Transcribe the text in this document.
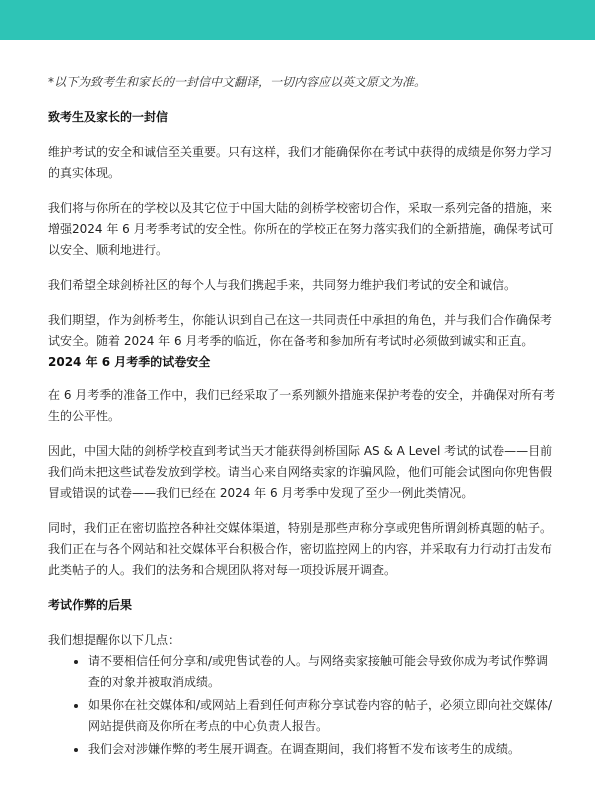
*以下为致考生和家长的一封信中文翻译，一切内容应以英文原文为准。

致考生及家长的一封信

维护考试的安全和诚信至关重要。只有这样，我们才能确保你在考试中获得的成绩是你努力学习的真实体现。

我们将与你所在的学校以及其它位于中国大陆的剑桥学校密切合作，采取一系列完备的措施，来增强2024 年 6 月考季考试的安全性。你所在的学校正在努力落实我们的全新措施，确保考试可以安全、顺利地进行。

我们希望全球剑桥社区的每个人与我们携起手来，共同努力维护我们考试的安全和诚信。

我们期望，作为剑桥考生，你能认识到自己在这一共同责任中承担的角色，并与我们合作确保考试安全。随着 2024 年 6 月考季的临近，你在备考和参加所有考试时必须做到诚实和正直。

2024 年 6 月考季的试卷安全

在 6 月考季的准备工作中，我们已经采取了一系列额外措施来保护考卷的安全，并确保对所有考生的公平性。

因此，中国大陆的剑桥学校直到考试当天才能获得剑桥国际 AS & A Level 考试的试卷——目前我们尚未把这些试卷发放到学校。请当心来自网络卖家的诈骗风险，他们可能会试图向你兜售假冒或错误的试卷——我们已经在 2024 年 6 月考季中发现了至少一例此类情况。

同时，我们正在密切监控各种社交媒体渠道，特别是那些声称分享或兜售所谓剑桥真题的帖子。我们正在与各个网站和社交媒体平台积极合作，密切监控网上的内容，并采取有力行动打击发布此类帖子的人。我们的法务和合规团队将对每一项投诉展开调查。

考试作弊的后果

我们想提醒你以下几点：

请不要相信任何分享和/或兜售试卷的人。与网络卖家接触可能会导致你成为考试作弊调查的对象并被取消成绩。
如果你在社交媒体和/或网站上看到任何声称分享试卷内容的帖子，必须立即向社交媒体/网站提供商及你所在考点的中心负责人报告。
我们会对涉嫌作弊的考生展开调查。在调查期间，我们将暂不发布该考生的成绩。
